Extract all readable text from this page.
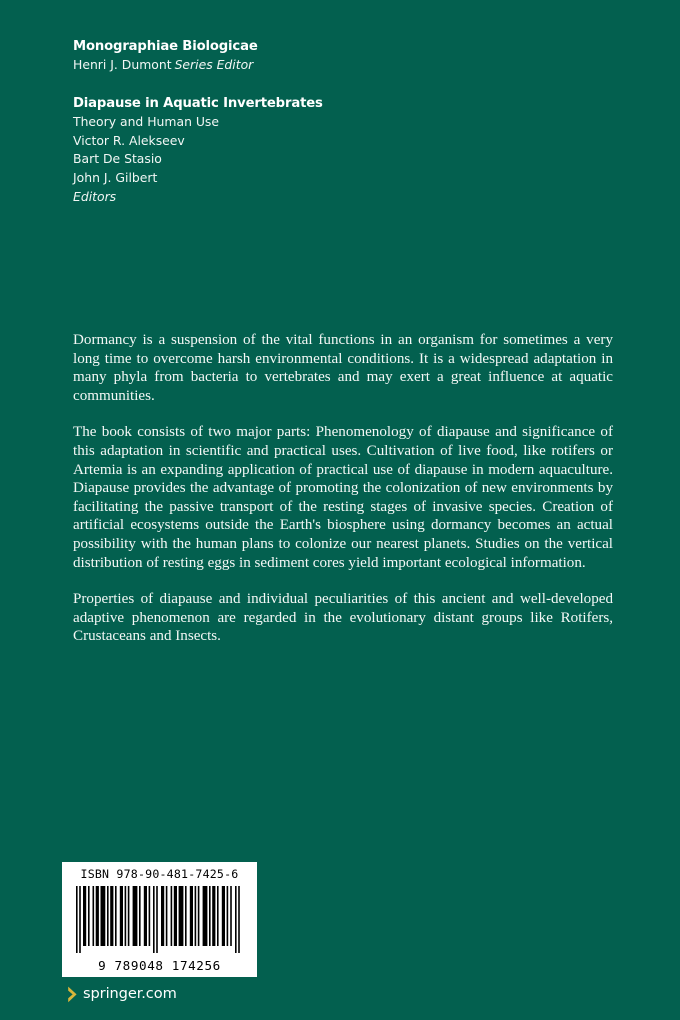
Monographiae Biologicae
Henri J. Dumont Series Editor
Diapause in Aquatic Invertebrates
Theory and Human Use
Victor R. Alekseev
Bart De Stasio
John J. Gilbert
Editors

Dormancy is a suspension of the vital functions in an organism for sometimes a very long time to overcome harsh environmental conditions. It is a widespread adaptation in many phyla from bacteria to vertebrates and may exert a great influence at aquatic communities.

The book consists of two major parts: Phenomenology of diapause and significance of this adaptation in scientific and practical uses. Cultivation of live food, like rotifers or Artemia is an expanding application of practical use of diapause in modern aquaculture. Diapause provides the advantage of promoting the colonization of new environments by facilitating the passive transport of the resting stages of invasive species. Creation of artificial ecosystems outside the Earth's biosphere using dormancy becomes an actual possibility with the human plans to colonize our nearest planets. Studies on the vertical distribution of resting eggs in sediment cores yield important ecological information.

Properties of diapause and individual peculiarities of this ancient and well-developed adaptive phenomenon are regarded in the evolutionary distant groups like Rotifers, Crustaceans and Insects.

ISBN 978-90-481-7425-6
9 789048 174256
springer.com
